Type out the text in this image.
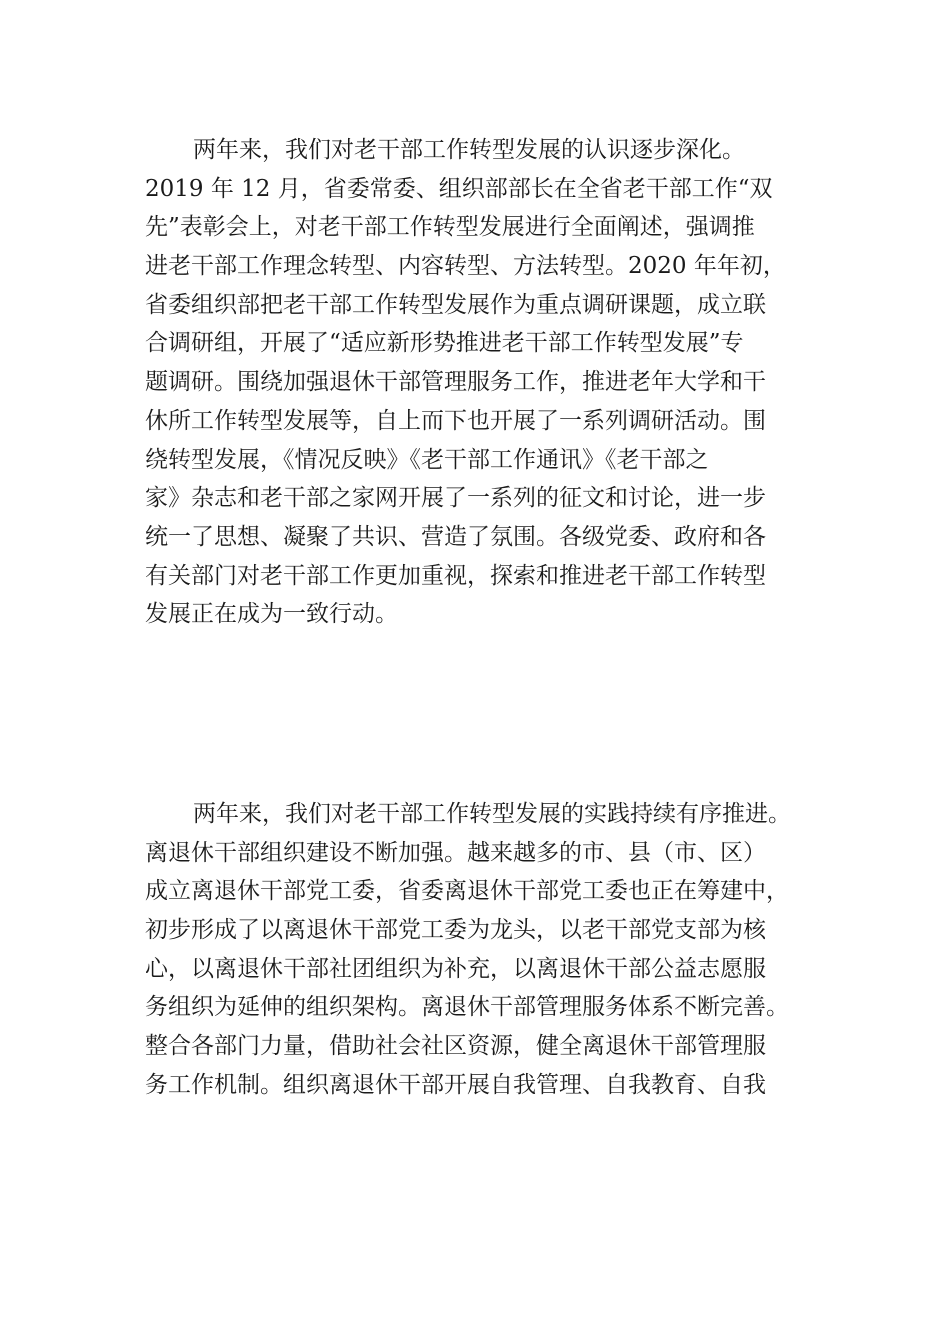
两年来，我们对老干部工作转型发展的认识逐步深化。
2019 年 12 月，省委常委、组织部部长在全省老干部工作“双
先”表彰会上，对老干部工作转型发展进行全面阐述，强调推
进老干部工作理念转型、内容转型、方法转型。2020 年年初，
省委组织部把老干部工作转型发展作为重点调研课题，成立联
合调研组，开展了“适应新形势推进老干部工作转型发展”专
题调研。围绕加强退休干部管理服务工作，推进老年大学和干
休所工作转型发展等，自上而下也开展了一系列调研活动。围
绕转型发展，《情况反映》《老干部工作通讯》《老干部之
家》杂志和老干部之家网开展了一系列的征文和讨论，进一步
统一了思想、凝聚了共识、营造了氛围。各级党委、政府和各
有关部门对老干部工作更加重视，探索和推进老干部工作转型
发展正在成为一致行动。
两年来，我们对老干部工作转型发展的实践持续有序推进。
离退休干部组织建设不断加强。越来越多的市、县（市、区）
成立离退休干部党工委，省委离退休干部党工委也正在筹建中，
初步形成了以离退休干部党工委为龙头，以老干部党支部为核
心，以离退休干部社团组织为补充，以离退休干部公益志愿服
务组织为延伸的组织架构。离退休干部管理服务体系不断完善。
整合各部门力量，借助社会社区资源，健全离退休干部管理服
务工作机制。组织离退休干部开展自我管理、自我教育、自我
